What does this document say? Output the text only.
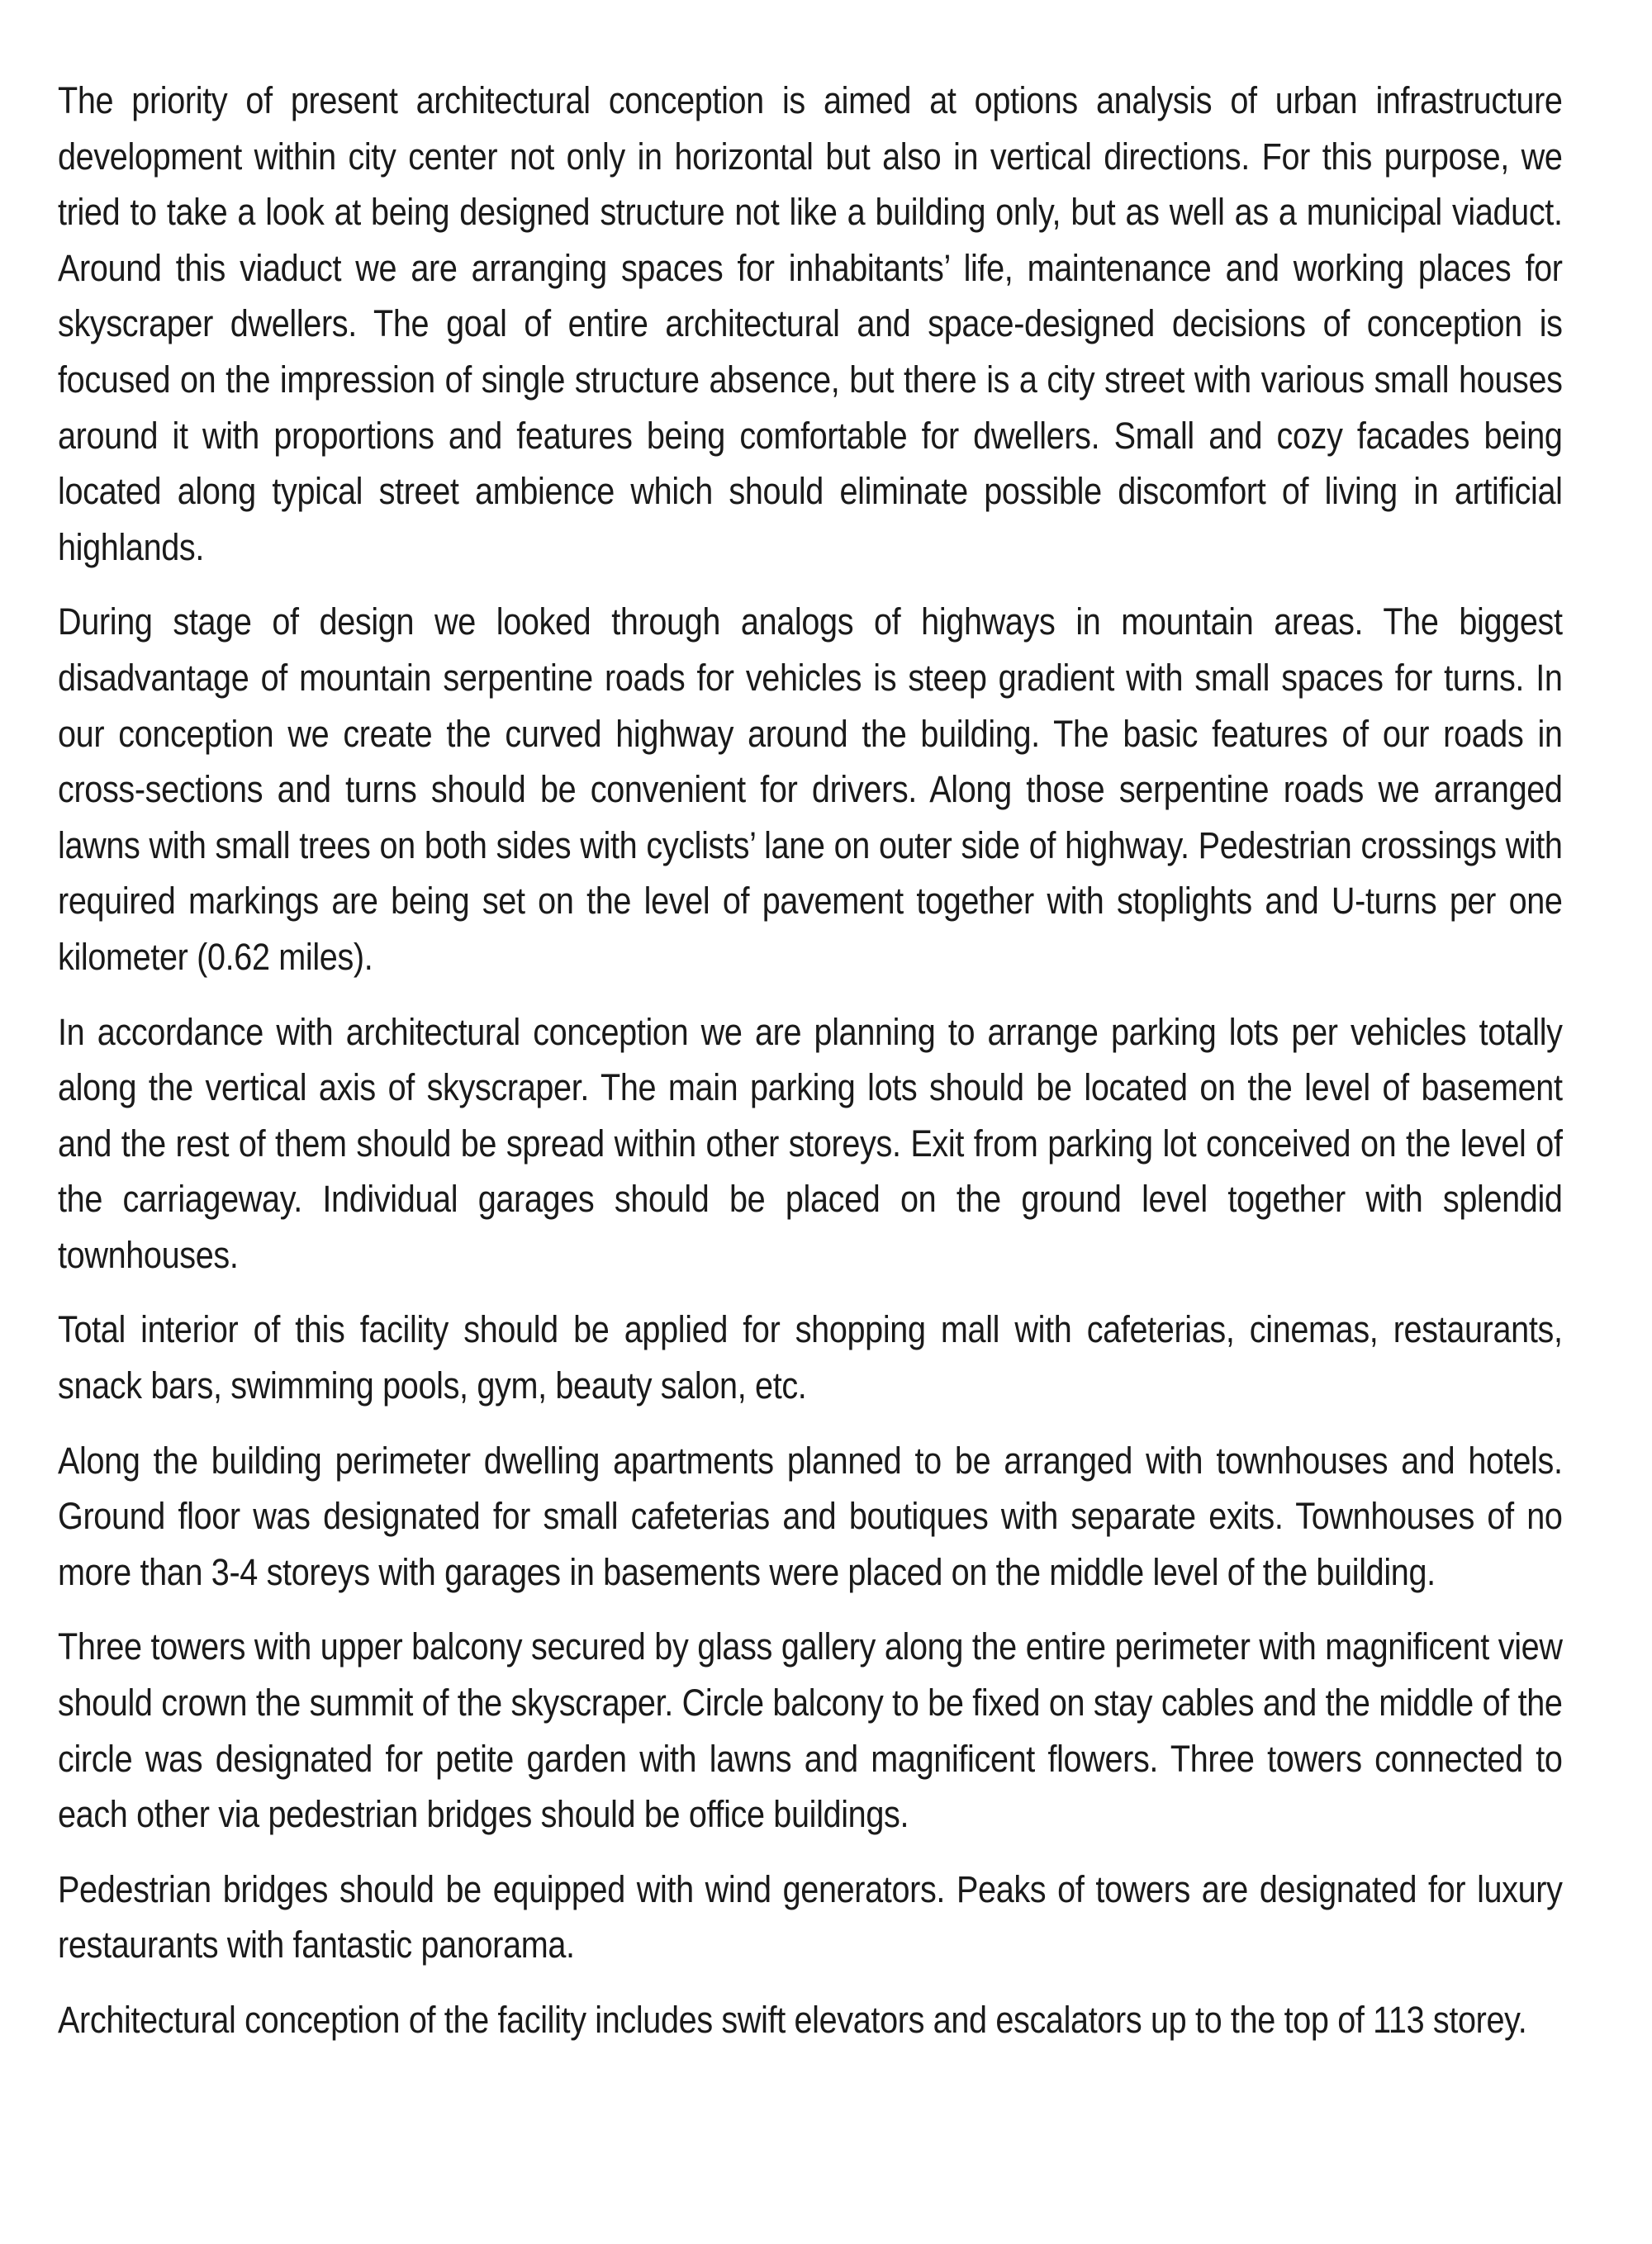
The priority of present architectural conception is aimed at options analysis of urban infrastructure development within city center not only in horizontal but also in vertical directions. For this purpose, we tried to take a look at being designed structure not like a building only, but as well as a municipal viaduct. Around this viaduct we are arranging spaces for inhabitants’ life, maintenance and working places for skyscraper dwellers. The goal of entire architectural and space-designed decisions of conception is focused on the impression of single structure absence, but there is a city street with various small houses around it with proportions and features being comfortable for dwellers. Small and cozy facades being located along typical street ambience which should eliminate possible discomfort of living in artificial highlands.

During stage of design we looked through analogs of highways in mountain areas. The biggest disadvantage of mountain serpentine roads for vehicles is steep gradient with small spaces for turns. In our conception we create the curved highway around the building. The basic features of our roads in cross-sections and turns should be convenient for drivers. Along those serpentine roads we arranged lawns with small trees on both sides with cyclists’ lane on outer side of highway. Pedestrian crossings with required markings are being set on the level of pavement together with stoplights and U-turns per one kilometer (0.62 miles).

In accordance with architectural conception we are planning to arrange parking lots per vehicles totally along the vertical axis of skyscraper. The main parking lots should be located on the level of basement and the rest of them should be spread within other storeys. Exit from parking lot conceived on the level of the carriageway. Individual garages should be placed on the ground level together with splendid townhouses.

Total interior of this facility should be applied for shopping mall with cafeterias, cinemas, restaurants, snack bars, swimming pools, gym, beauty salon, etc.

Along the building perimeter dwelling apartments planned to be arranged with townhouses and hotels. Ground floor was designated for small cafeterias and boutiques with separate exits. Townhouses of no more than 3-4 storeys with garages in basements were placed on the middle level of the building.

Three towers with upper balcony secured by glass gallery along the entire perimeter with magnificent view should crown the summit of the skyscraper. Circle balcony to be fixed on stay cables and the middle of the circle was designated for petite garden with lawns and magnificent flowers. Three towers connected to each other via pedestrian bridges should be office buildings.

Pedestrian bridges should be equipped with wind generators. Peaks of towers are designated for luxury restaurants with fantastic panorama.

Architectural conception of the facility includes swift elevators and escalators up to the top of 113 storey.
